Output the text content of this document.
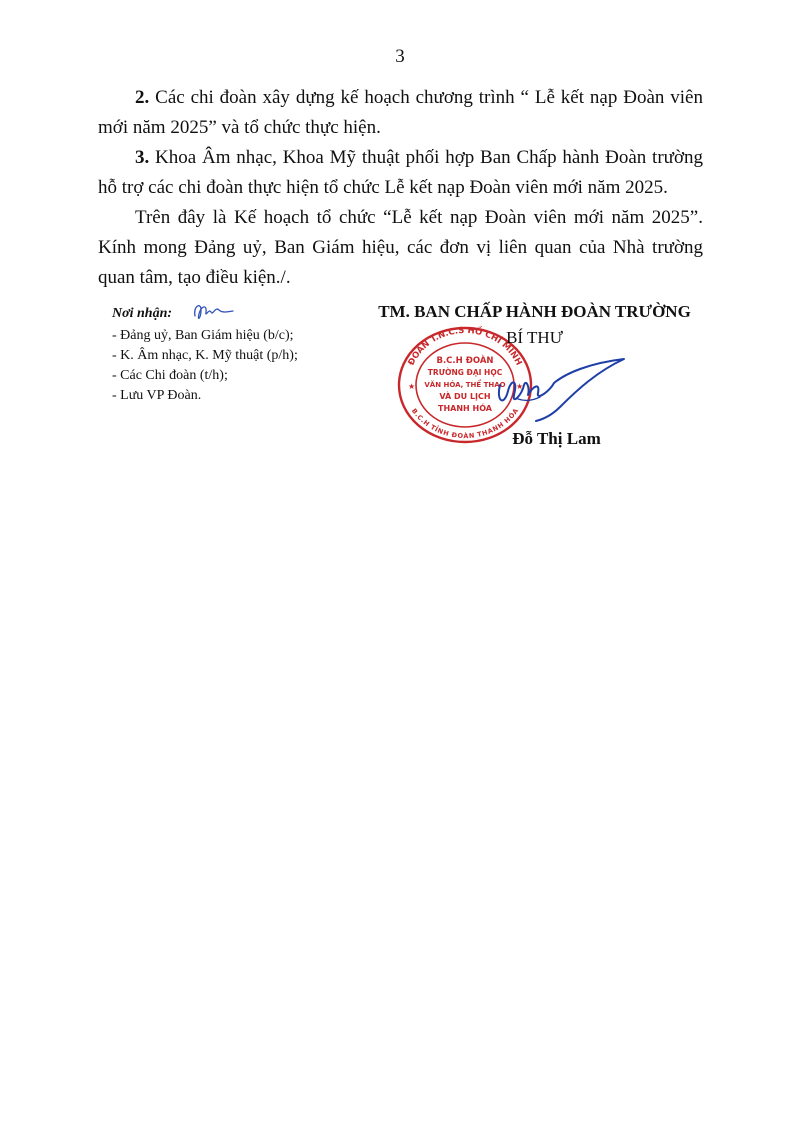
3

2. Các chi đoàn xây dựng kế hoạch chương trình “ Lễ kết nạp Đoàn viên mới năm 2025” và tổ chức thực hiện.

3. Khoa Âm nhạc, Khoa Mỹ thuật phối hợp Ban Chấp hành Đoàn trường hỗ trợ các chi đoàn thực hiện tổ chức Lễ kết nạp Đoàn viên mới năm 2025.

Trên đây là Kế hoạch tổ chức “Lễ kết nạp Đoàn viên mới năm 2025”. Kính mong Đảng uỷ, Ban Giám hiệu, các đơn vị liên quan của Nhà trường quan tâm, tạo điều kiện./.

Nơi nhận:
- Đảng uỷ, Ban Giám hiệu (b/c);
- K. Âm nhạc, K. Mỹ thuật (p/h);
- Các Chi đoàn (t/h);
- Lưu VP Đoàn.
ĐOÀN T.N.C.S HỒ CHÍ MINH
B.C.H TỈNH ĐOÀN THANH HÓA
★	★
B.C.H ĐOÀN
TRƯỜNG ĐẠI HỌC
VĂN HÓA, THỂ THAO
VÀ DU LỊCH
THANH HÓA
TM. BAN CHẤP HÀNH ĐOÀN TRƯỜNG
BÍ THƯ
Đỗ Thị Lam
